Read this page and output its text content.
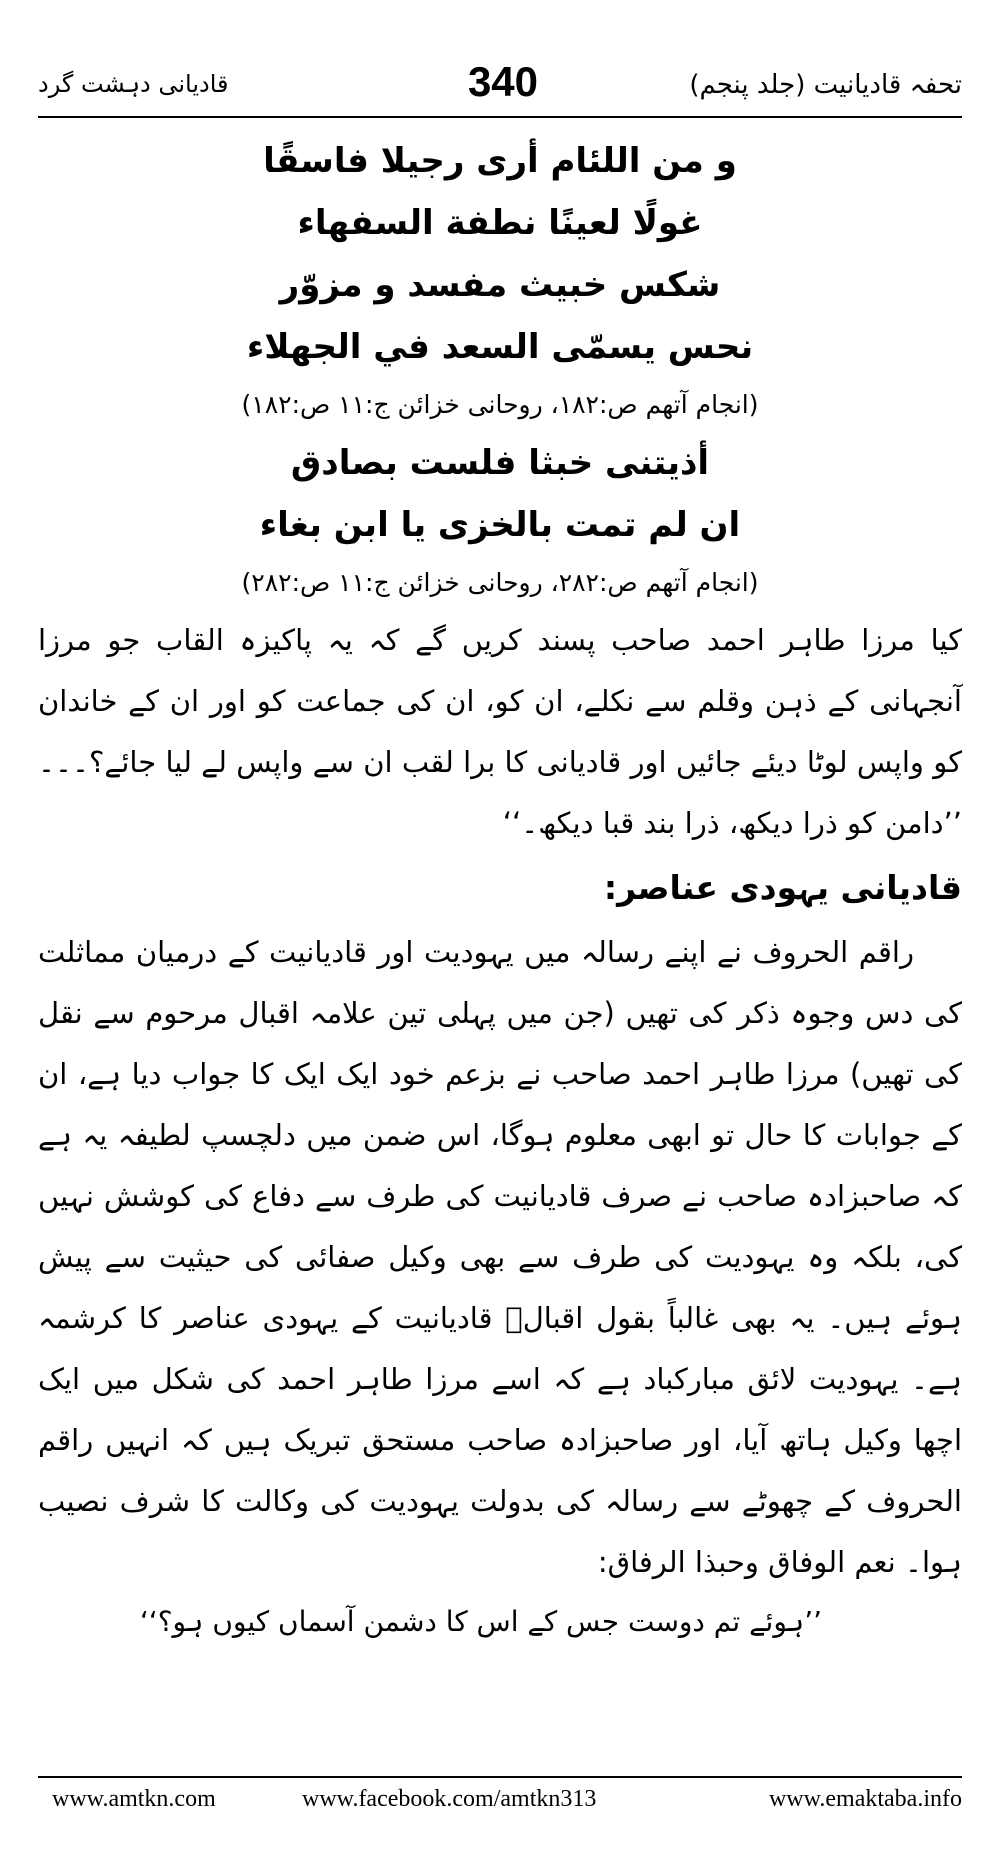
تحفہ قادیانیت (جلد پنجم)
340
قادیانی دہشت گرد
و من اللئام أرى رجيلا فاسقًا
غولًا لعينًا نطفة السفهاء
شكس خبيث مفسد و مزوّر
نحس يسمّى السعد في الجهلاء
(انجام آتھم ص:۱۸۲، روحانی خزائن ج:۱۱ ص:۱۸۲)
أذيتنى خبثا فلست بصادق
ان لم تمت بالخزى يا ابن بغاء
(انجام آتھم ص:۲۸۲، روحانی خزائن ج:۱۱ ص:۲۸۲)

کیا مرزا طاہر احمد صاحب پسند کریں گے کہ یہ پاکیزہ القاب جو مرزا آنجہانی کے ذہن وقلم سے نکلے، ان کو، ان کی جماعت کو اور ان کے خاندان کو واپس لوٹا دیئے جائیں اور قادیانی کا برا لقب ان سے واپس لے لیا جائے؟۔۔۔ ’’دامن کو ذرا دیکھ، ذرا بند قبا دیکھ۔‘‘

قادیانی یہودی عناصر:

راقم الحروف نے اپنے رسالہ میں یہودیت اور قادیانیت کے درمیان مماثلت کی دس وجوہ ذکر کی تھیں (جن میں پہلی تین علامہ اقبال مرحوم سے نقل کی تھیں) مرزا طاہر احمد صاحب نے بزعم خود ایک ایک کا جواب دیا ہے، ان کے جوابات کا حال تو ابھی معلوم ہوگا، اس ضمن میں دلچسپ لطیفہ یہ ہے کہ صاحبزادہ صاحب نے صرف قادیانیت کی طرف سے دفاع کی کوشش نہیں کی، بلکہ وہ یہودیت کی طرف سے بھی وکیل صفائی کی حیثیت سے پیش ہوئے ہیں۔ یہ بھی غالباً بقول اقبالؒ قادیانیت کے یہودی عناصر کا کرشمہ ہے۔ یہودیت لائق مبارکباد ہے کہ اسے مرزا طاہر احمد کی شکل میں ایک اچھا وکیل ہاتھ آیا، اور صاحبزادہ صاحب مستحق تبریک ہیں کہ انہیں راقم الحروف کے چھوٹے سے رسالہ کی بدولت یہودیت کی وکالت کا شرف نصیب ہوا۔ نعم الوفاق وحبذا الرفاق:

’’ہوئے تم دوست جس کے اس کا دشمن آسماں کیوں ہو؟‘‘

www.amtkn.com	www.facebook.com/amtkn313	www.emaktaba.info
